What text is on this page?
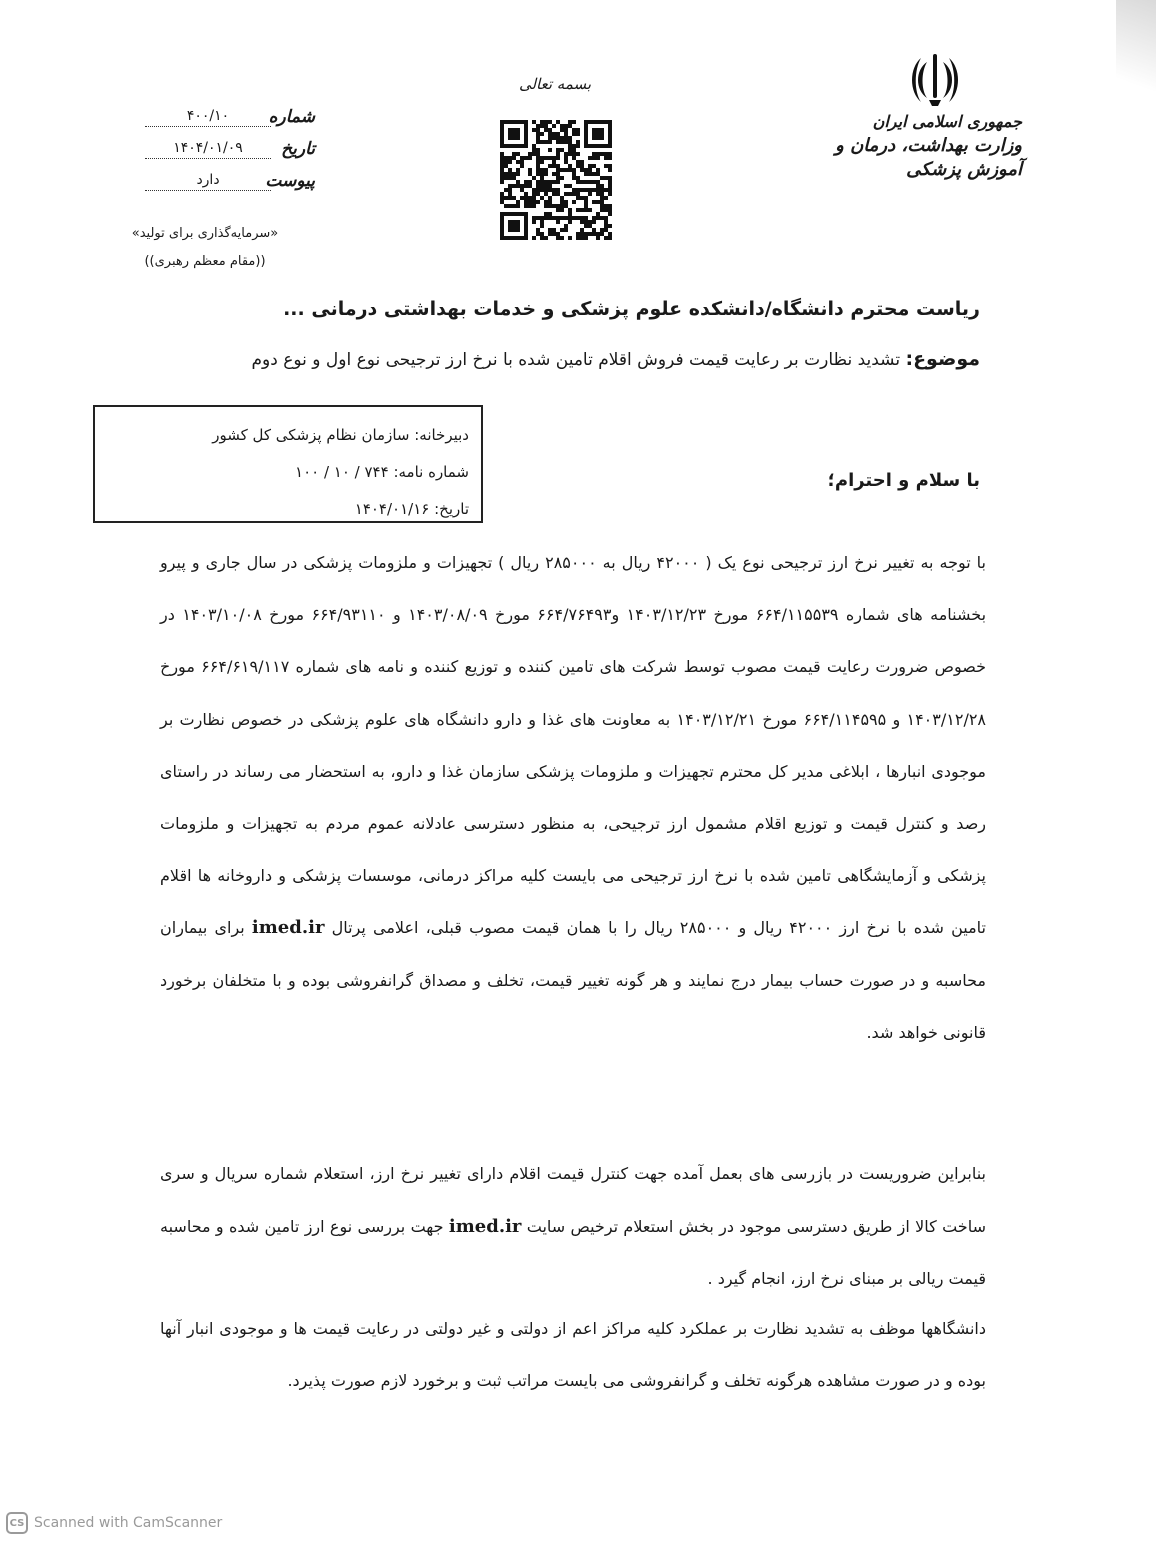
جمهوری اسلامی ایران
وزارت بهداشت، درمان و آموزش پزشکی
بسمه تعالی
شماره
۴۰۰/۱۰
تاریخ
۱۴۰۴/۰۱/۰۹
پیوست
دارد
«سرمایه‌گذاری برای تولید»
((مقام معظم رهبری))
ریاست محترم دانشگاه/دانشکده علوم پزشکی و خدمات بهداشتی درمانی ...
موضوع: تشدید نظارت بر رعایت قیمت فروش اقلام تامین شده با نرخ ارز ترجیحی نوع اول و نوع دوم
دبیرخانه: سازمان نظام پزشکی کل کشور
شماره نامه: ۷۴۴ / ۱۰ / ۱۰۰
تاریخ: ۱۴۰۴/۰۱/۱۶
با سلام و احترام؛
با توجه به تغییر نرخ ارز ترجیحی نوع یک ( ۴۲۰۰۰ ریال به ۲۸۵۰۰۰ ریال ) تجهیزات و ملزومات پزشکی در سال جاری و پیرو بخشنامه های شماره ۶۶۴/۱۱۵۵۳۹ مورخ ۱۴۰۳/۱۲/۲۳ و۶۶۴/۷۶۴۹۳ مورخ ۱۴۰۳/۰۸/۰۹ و ۶۶۴/۹۳۱۱۰ مورخ ۱۴۰۳/۱۰/۰۸ در خصوص ضرورت رعایت قیمت مصوب توسط شرکت های تامین کننده و توزیع کننده و نامه های شماره ۶۶۴/۶۱۹/۱۱۷ مورخ ۱۴۰۳/۱۲/۲۸ و ۶۶۴/۱۱۴۵۹۵ مورخ ۱۴۰۳/۱۲/۲۱ به معاونت های غذا و دارو دانشگاه های علوم پزشکی در خصوص نظارت بر موجودی انبارها ، ابلاغی مدیر کل محترم تجهیزات و ملزومات پزشکی سازمان غذا و دارو، به استحضار می رساند در راستای رصد و کنترل قیمت و توزیع اقلام مشمول ارز ترجیحی، به منظور دسترسی عادلانه عموم مردم به تجهیزات و ملزومات پزشکی و آزمایشگاهی تامین شده با نرخ ارز ترجیحی می بایست کلیه مراکز درمانی، موسسات پزشکی و داروخانه ها اقلام تامین شده با نرخ ارز ۴۲۰۰۰ ریال و ۲۸۵۰۰۰ ریال را با همان قیمت مصوب قبلی، اعلامی پرتال imed.ir برای بیماران محاسبه و در صورت حساب بیمار درج نمایند و هر گونه تغییر قیمت، تخلف و مصداق گرانفروشی بوده و با متخلفان برخورد قانونی خواهد شد.
بنابراین ضروریست در بازرسی های بعمل آمده جهت کنترل قیمت اقلام دارای تغییر نرخ ارز، استعلام شماره سریال و سری ساخت کالا از طریق دسترسی موجود در بخش استعلام ترخیص سایت imed.ir جهت بررسی نوع ارز تامین شده و محاسبه قیمت ریالی بر مبنای نرخ ارز، انجام گیرد .
دانشگاهها موظف به تشدید نظارت بر عملکرد کلیه مراکز اعم از دولتی و غیر دولتی در رعایت قیمت ها و موجودی انبار آنها بوده و در صورت مشاهده هرگونه تخلف و گرانفروشی می بایست مراتب ثبت و برخورد لازم صورت پذیرد.
CS Scanned with CamScanner
